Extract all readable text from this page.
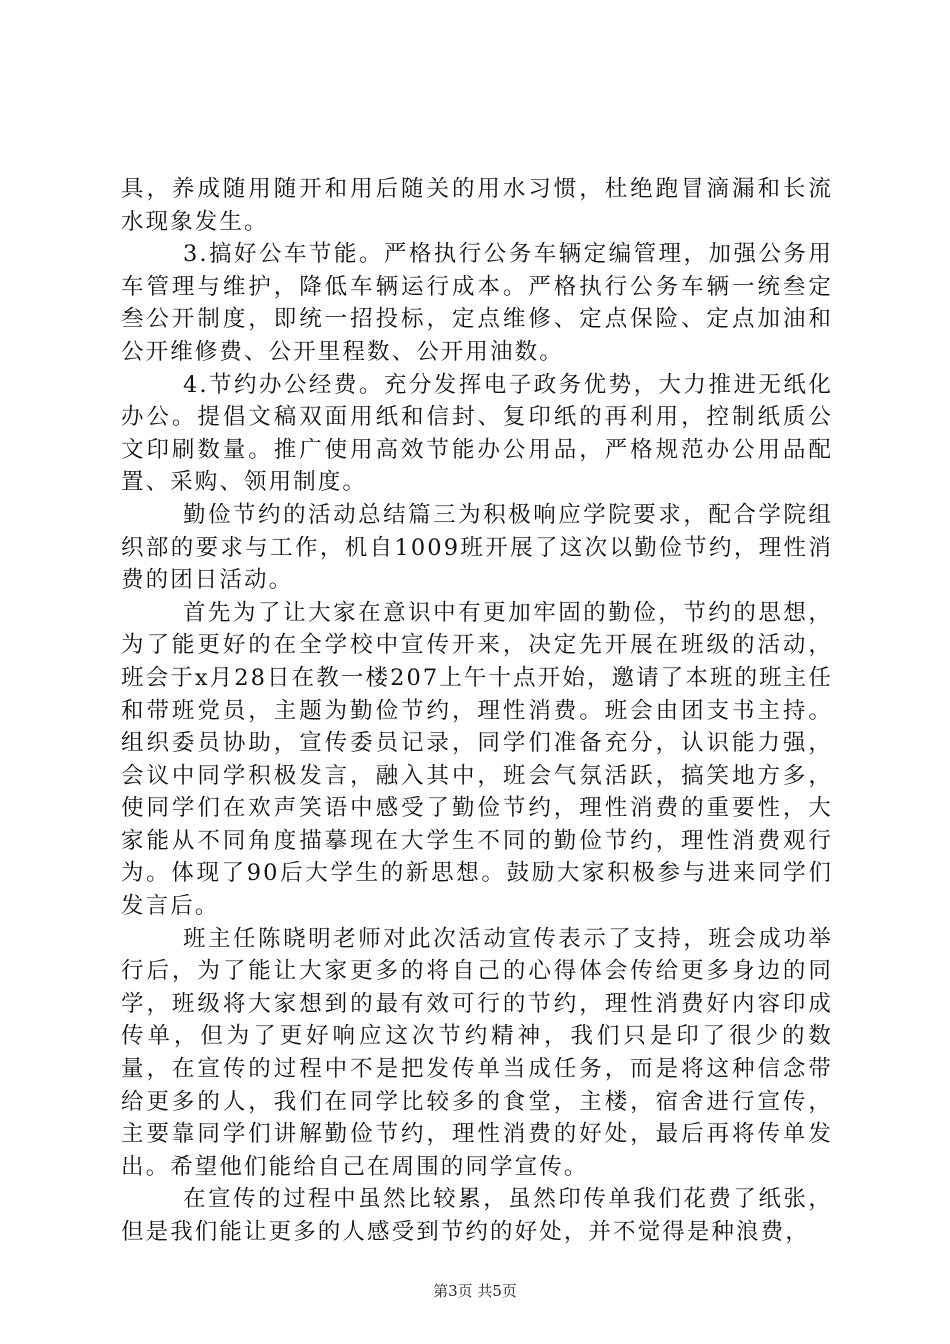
具，养成随用随开和用后随关的用水习惯，杜绝跑冒滴漏和长流水现象发生。

3.搞好公车节能。严格执行公务车辆定编管理，加强公务用车管理与维护，降低车辆运行成本。严格执行公务车辆一统叁定叁公开制度，即统一招投标，定点维修、定点保险、定点加油和公开维修费、公开里程数、公开用油数。

4.节约办公经费。充分发挥电子政务优势，大力推进无纸化办公。提倡文稿双面用纸和信封、复印纸的再利用，控制纸质公文印刷数量。推广使用高效节能办公用品，严格规范办公用品配置、采购、领用制度。

勤俭节约的活动总结篇三为积极响应学院要求，配合学院组织部的要求与工作，机自1009班开展了这次以勤俭节约，理性消费的团日活动。

首先为了让大家在意识中有更加牢固的勤俭，节约的思想，为了能更好的在全学校中宣传开来，决定先开展在班级的活动，班会于x月28日在教一楼207上午十点开始，邀请了本班的班主任和带班党员，主题为勤俭节约，理性消费。班会由团支书主持。组织委员协助，宣传委员记录，同学们准备充分，认识能力强，会议中同学积极发言，融入其中，班会气氛活跃，搞笑地方多，使同学们在欢声笑语中感受了勤俭节约，理性消费的重要性，大家能从不同角度描摹现在大学生不同的勤俭节约，理性消费观行为。体现了90后大学生的新思想。鼓励大家积极参与进来同学们发言后。

班主任陈晓明老师对此次活动宣传表示了支持，班会成功举行后，为了能让大家更多的将自己的心得体会传给更多身边的同学，班级将大家想到的最有效可行的节约，理性消费好内容印成传单，但为了更好响应这次节约精神，我们只是印了很少的数量，在宣传的过程中不是把发传单当成任务，而是将这种信念带给更多的人，我们在同学比较多的食堂，主楼，宿舍进行宣传，主要靠同学们讲解勤俭节约，理性消费的好处，最后再将传单发出。希望他们能给自己在周围的同学宣传。

在宣传的过程中虽然比较累，虽然印传单我们花费了纸张，但是我们能让更多的人感受到节约的好处，并不觉得是种浪费，

第3页 共5页
